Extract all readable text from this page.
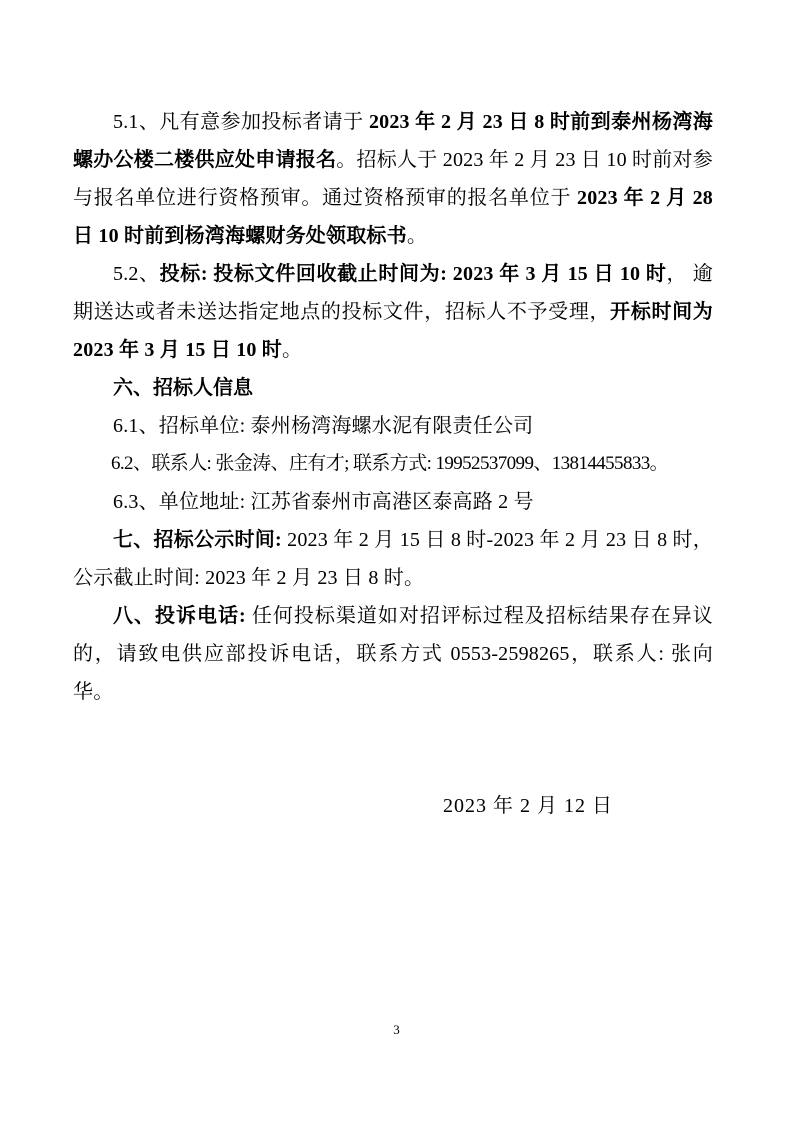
5.1、凡有意参加投标者请于 2023 年 2 月 23 日 8 时前到泰州杨湾海螺办公楼二楼供应处申请报名。招标人于 2023 年 2 月 23 日 10 时前对参与报名单位进行资格预审。通过资格预审的报名单位于 2023 年 2 月 28 日 10 时前到杨湾海螺财务处领取标书。

5.2、投标: 投标文件回收截止时间为: 2023 年 3 月 15 日 10 时， 逾期送达或者未送达指定地点的投标文件，招标人不予受理，开标时间为 2023 年 3 月 15 日 10 时。

六、招标人信息

6.1、招标单位: 泰州杨湾海螺水泥有限责任公司

6.2、联系人: 张金涛、庄有才; 联系方式: 19952537099、13814455833。

6.3、单位地址: 江苏省泰州市高港区泰高路 2 号

七、招标公示时间: 2023 年 2 月 15 日 8 时-2023 年 2 月 23 日 8 时，公示截止时间: 2023 年 2 月 23 日 8 时。

八、投诉电话: 任何投标渠道如对招评标过程及招标结果存在异议的，请致电供应部投诉电话，联系方式 0553-2598265，联系人: 张向华。

2023 年 2 月 12 日

3
